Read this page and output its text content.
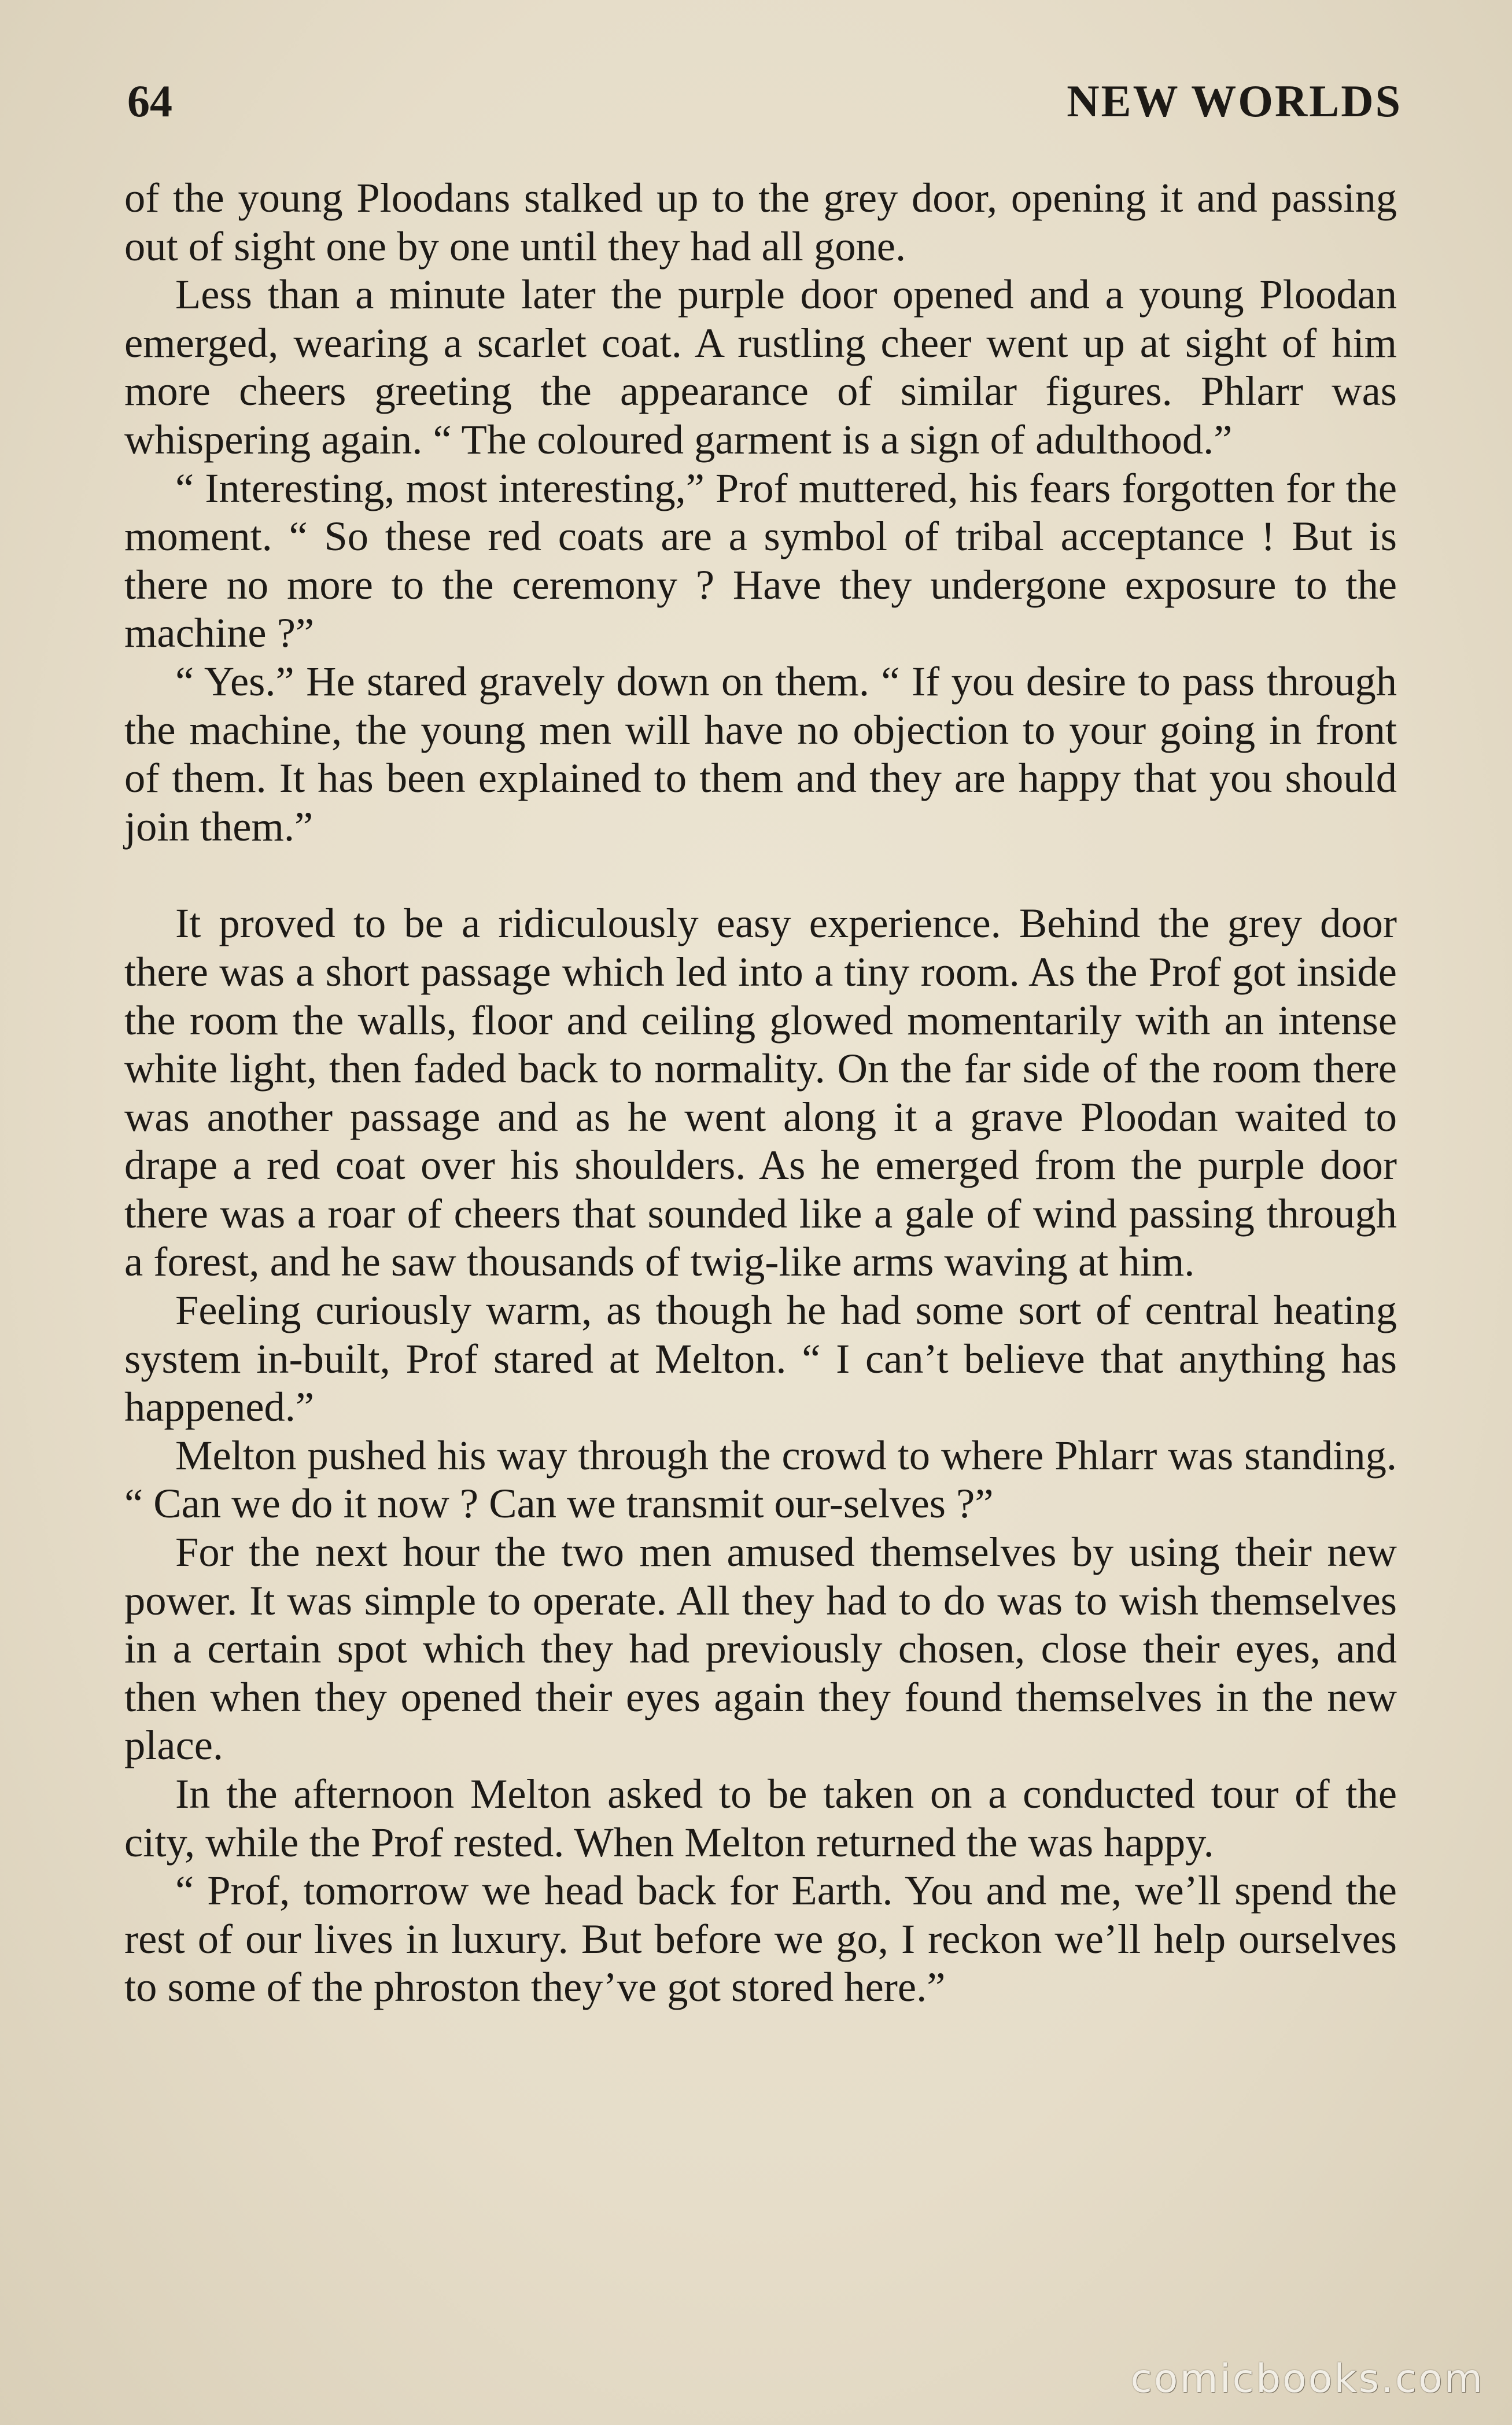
64	NEW WORLDS

of the young Ploodans stalked up to the grey door, opening it and passing out of sight one by one until they had all gone.

Less than a minute later the purple door opened and a young Ploodan emerged, wearing a scarlet coat. A rustling cheer went up at sight of him more cheers greeting the appearance of similar figures. Phlarr was whispering again. “ The coloured garment is a sign of adulthood.”

“ Interesting, most interesting,” Prof muttered, his fears forgotten for the moment. “ So these red coats are a symbol of tribal acceptance ! But is there no more to the ceremony ? Have they undergone exposure to the machine ?”

“ Yes.” He stared gravely down on them. “ If you desire to pass through the machine, the young men will have no objection to your going in front of them. It has been explained to them and they are happy that you should join them.”

It proved to be a ridiculously easy experience. Behind the grey door there was a short passage which led into a tiny room. As the Prof got inside the room the walls, floor and ceiling glowed momentarily with an intense white light, then faded back to normality. On the far side of the room there was another passage and as he went along it a grave Ploodan waited to drape a red coat over his shoulders. As he emerged from the purple door there was a roar of cheers that sounded like a gale of wind passing through a forest, and he saw thousands of twig-like arms waving at him.

Feeling curiously warm, as though he had some sort of central heating system in-built, Prof stared at Melton. “ I can’t believe that anything has happened.”

Melton pushed his way through the crowd to where Phlarr was standing. “ Can we do it now ? Can we transmit our-selves ?”

For the next hour the two men amused themselves by using their new power. It was simple to operate. All they had to do was to wish themselves in a certain spot which they had previously chosen, close their eyes, and then when they opened their eyes again they found themselves in the new place.

In the afternoon Melton asked to be taken on a conducted tour of the city, while the Prof rested. When Melton returned the was happy.

“ Prof, tomorrow we head back for Earth. You and me, we’ll spend the rest of our lives in luxury. But before we go, I reckon we’ll help ourselves to some of the phroston they’ve got stored here.”

comicbooks.com
